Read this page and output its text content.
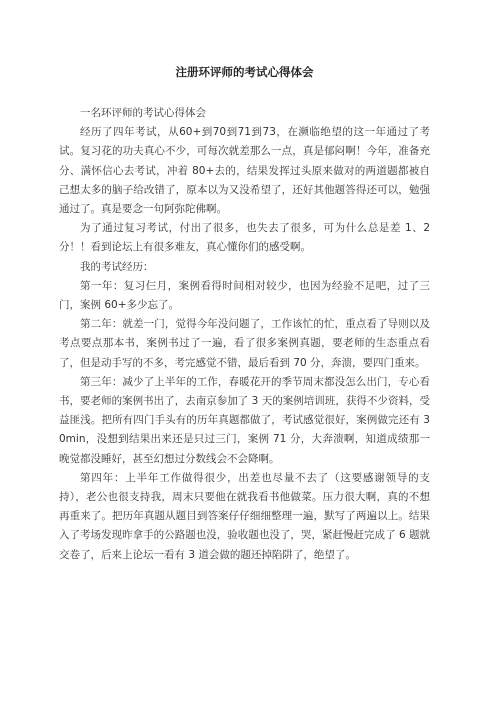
注册环评师的考试心得体会

一名环评师的考试心得体会

经历了四年考试，从60+到70到71到73，在濒临绝望的这一年通过了考试。复习花的功夫真心不少，可每次就差那么一点，真是郁闷啊！今年，准备充分、满怀信心去考试，冲着 80+去的，结果发挥过头原来做对的两道题都被自己想太多的脑子给改错了，原本以为又没希望了，还好其他题答得还可以，勉强通过了。真是要念一句阿弥陀佛啊。

为了通过复习考试，付出了很多，也失去了很多，可为什么总是差 1、2 分！！看到论坛上有很多难友，真心懂你们的感受啊。

我的考试经历：

第一年：复习仨月，案例看得时间相对较少，也因为经验不足吧，过了三门，案例 60+多少忘了。

第二年：就差一门，觉得今年没问题了，工作该忙的忙，重点看了导则以及考点要点那本书，案例书过了一遍，看了很多案例真题，要老师的生态重点看了，但是动手写的不多，考完感觉不错，最后看到 70 分，奔溃，要四门重来。

第三年：减少了上半年的工作，春暖花开的季节周末都没怎么出门，专心看书，要老师的案例书出了，去南京参加了 3 天的案例培训班，获得不少资料，受益匪浅。把所有四门手头有的历年真题都做了，考试感觉很好，案例做完还有 30min，没想到结果出来还是只过三门，案例 71 分，大奔溃啊，知道成绩那一晚觉都没睡好，甚至幻想过分数线会不会降啊。

第四年：上半年工作做得很少，出差也尽量不去了（这要感谢领导的支持），老公也很支持我，周末只要他在就我看书他做菜。压力很大啊，真的不想再重来了。把历年真题从题目到答案仔仔细细整理一遍，默写了两遍以上。结果入了考场发现昨拿手的公路题也没，验收题也没了，哭，紧赶慢赶完成了 6 题就交卷了，后来上论坛一看有 3 道会做的题还掉陷阱了，绝望了。
